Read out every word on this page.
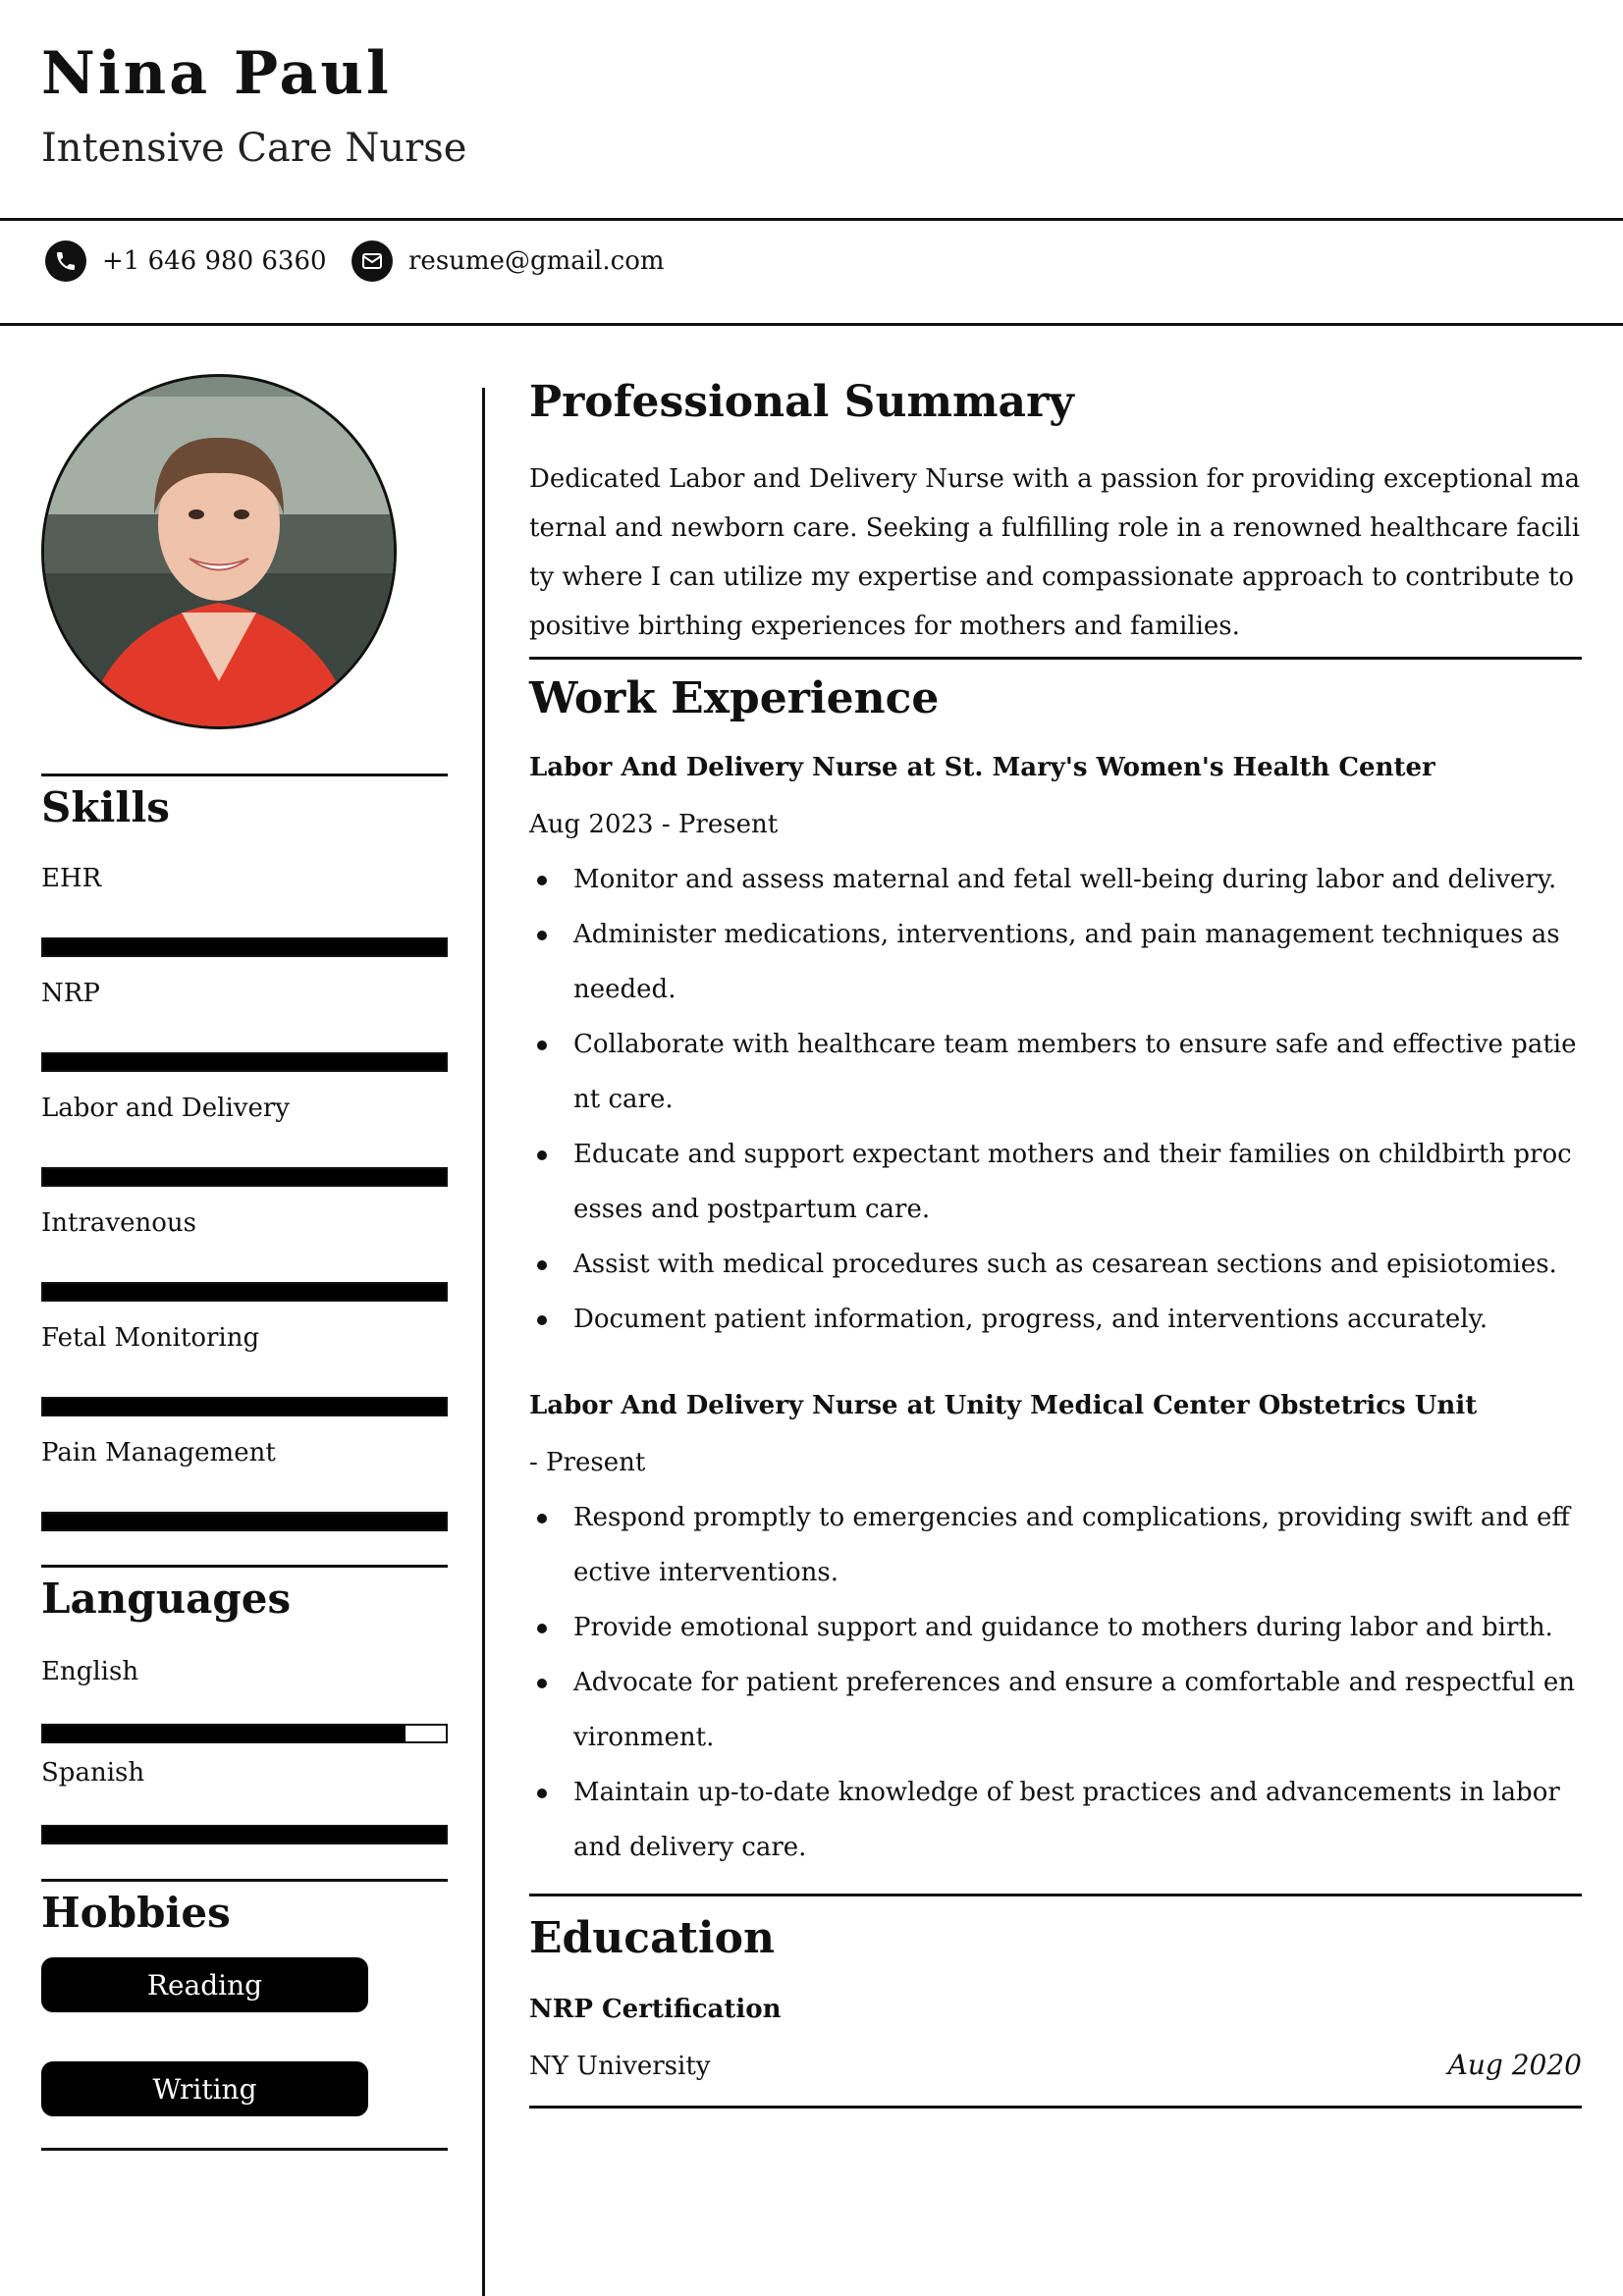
Nina Paul
Intensive Care Nurse
+1 646 980 6360	resume@gmail.com
Skills
EHR
NRP
Labor and Delivery
Intravenous
Fetal Monitoring
Pain Management
Languages
English
Spanish
Hobbies
Reading
Writing
Professional Summary
Dedicated Labor and Delivery Nurse with a passion for providing exceptional maternal and newborn care. Seeking a fulfilling role in a renowned healthcare facility where I can utilize my expertise and compassionate approach to contribute to positive birthing experiences for mothers and families.
Work Experience
Labor And Delivery Nurse at St. Mary's Women's Health Center
Aug 2023 - Present
Monitor and assess maternal and fetal well-being during labor and delivery.
Administer medications, interventions, and pain management techniques as needed.
Collaborate with healthcare team members to ensure safe and effective patient care.
Educate and support expectant mothers and their families on childbirth processes and postpartum care.
Assist with medical procedures such as cesarean sections and episiotomies.
Document patient information, progress, and interventions accurately.
Labor And Delivery Nurse at Unity Medical Center Obstetrics Unit
- Present
Respond promptly to emergencies and complications, providing swift and effective interventions.
Provide emotional support and guidance to mothers during labor and birth.
Advocate for patient preferences and ensure a comfortable and respectful environment.
Maintain up-to-date knowledge of best practices and advancements in labor and delivery care.
Education
NRP Certification
NY University	Aug 2020
